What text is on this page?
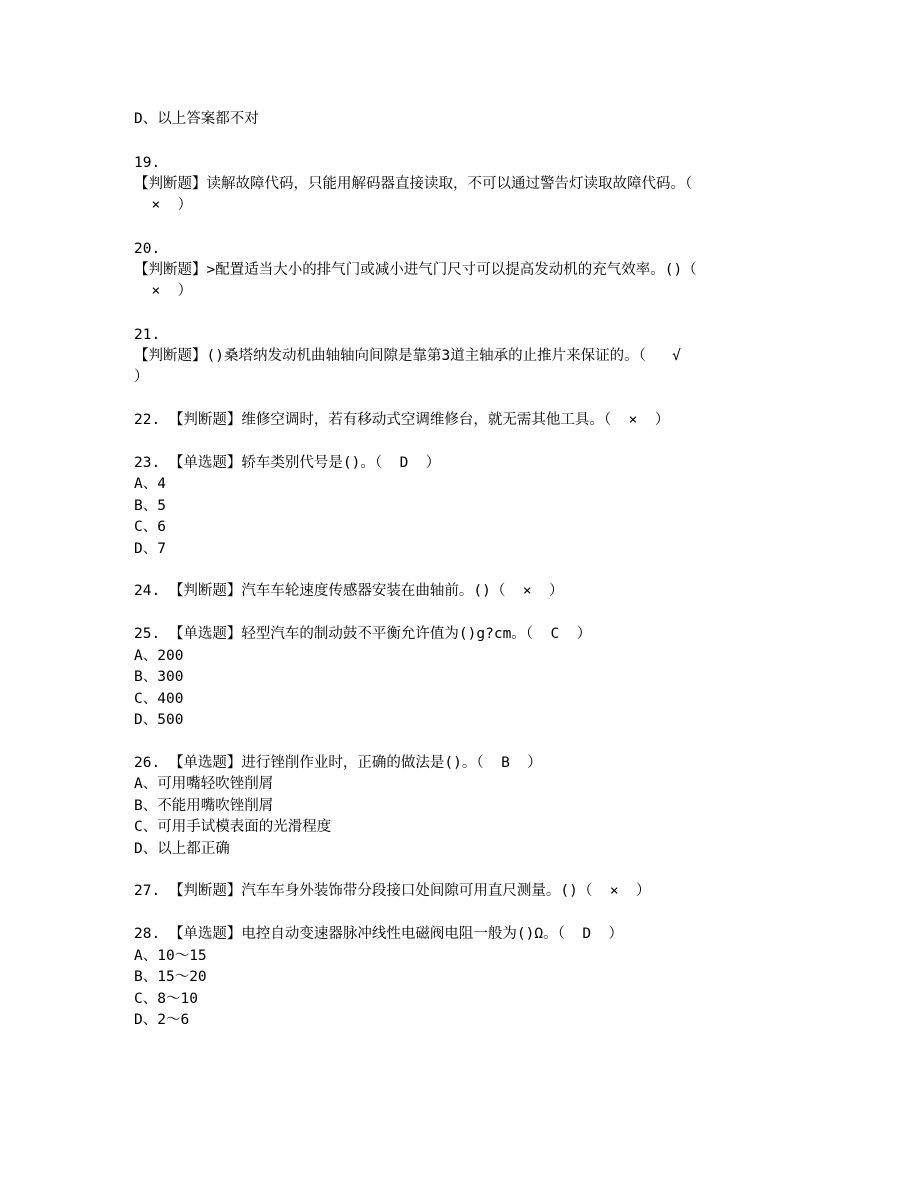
D、以上答案都不对
19.
【判断题】读解故障代码，只能用解码器直接读取，不可以通过警告灯读取故障代码。（
×  ）
20.
【判断题】>配置适当大小的排气门或减小进气门尺寸可以提高发动机的充气效率。()（
×  ）
21.
【判断题】()桑塔纳发动机曲轴轴向间隙是靠第3道主轴承的止推片来保证的。（   √
）
22. 【判断题】维修空调时，若有移动式空调维修台，就无需其他工具。（  ×  ）
23. 【单选题】轿车类别代号是()。（  D  ）
A、4
B、5
C、6
D、7
24. 【判断题】汽车车轮速度传感器安装在曲轴前。()（  ×  ）
25. 【单选题】轻型汽车的制动鼓不平衡允许值为()g?cm。（  C  ）
A、200
B、300
C、400
D、500
26. 【单选题】进行锉削作业时，正确的做法是()。（  B  ）
A、可用嘴轻吹锉削屑
B、不能用嘴吹锉削屑
C、可用手试模表面的光滑程度
D、以上都正确
27. 【判断题】汽车车身外装饰带分段接口处间隙可用直尺测量。()（  ×  ）
28. 【单选题】电控自动变速器脉冲线性电磁阀电阻一般为()Ω。（  D  ）
A、10～15
B、15～20
C、8～10
D、2～6
